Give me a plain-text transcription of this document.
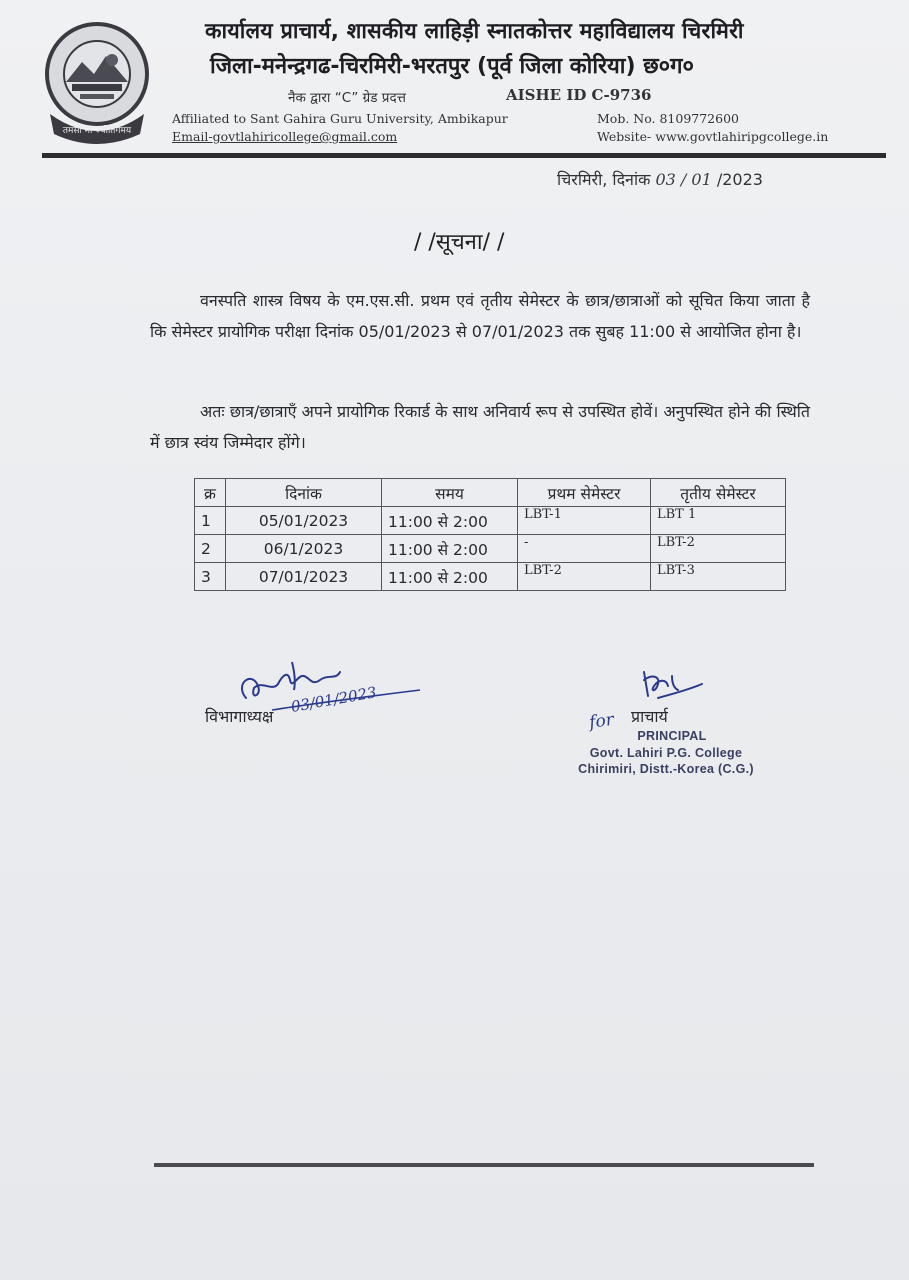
तमसो मा ज्योतिर्गमय
कार्यालय प्राचार्य, शासकीय लाहिड़ी स्नातकोत्तर महाविद्यालय चिरमिरी
जिला-मनेन्द्रगढ-चिरमिरी-भरतपुर (पूर्व जिला कोरिया) छ०ग०
नैक द्वारा “C” ग्रेड प्रदत्त	AISHE ID C-9736
Affiliated to Sant Gahira Guru University, Ambikapur
Email-govtlahiricollege@gmail.com
Mob. No. 8109772600
Website- www.govtlahiripgcollege.in
चिरमिरी, दिनांक 03 / 01 /2023
/ /सूचना/ /
वनस्पति शास्त्र विषय के एम.एस.सी. प्रथम एवं तृतीय सेमेस्टर के छात्र/छात्राओं को सूचित किया जाता है कि सेमेस्टर प्रायोगिक परीक्षा दिनांक 05/01/2023 से 07/01/2023 तक सुबह 11:00 से आयोजित होना है।
अतः छात्र/छात्राएँ अपने प्रायोगिक रिकार्ड के साथ अनिवार्य रूप से उपस्थित होवें। अनुपस्थित होने की स्थिति में छात्र स्वंय जिम्मेदार होंगे।
क्र	दिनांक	समय	प्रथम सेमेस्टर	तृतीय सेमेस्टर
1	05/01/2023	11:00 से 2:00	LBT-1	LBT 1
2	06/1/2023	11:00 से 2:00	-	LBT-2
3	07/01/2023	11:00 से 2:00	LBT-2	LBT-3
03/01/2023
विभागाध्यक्ष	for प्राचार्य
PRINCIPAL
Govt. Lahiri P.G. College
Chirimiri, Distt.-Korea (C.G.)
